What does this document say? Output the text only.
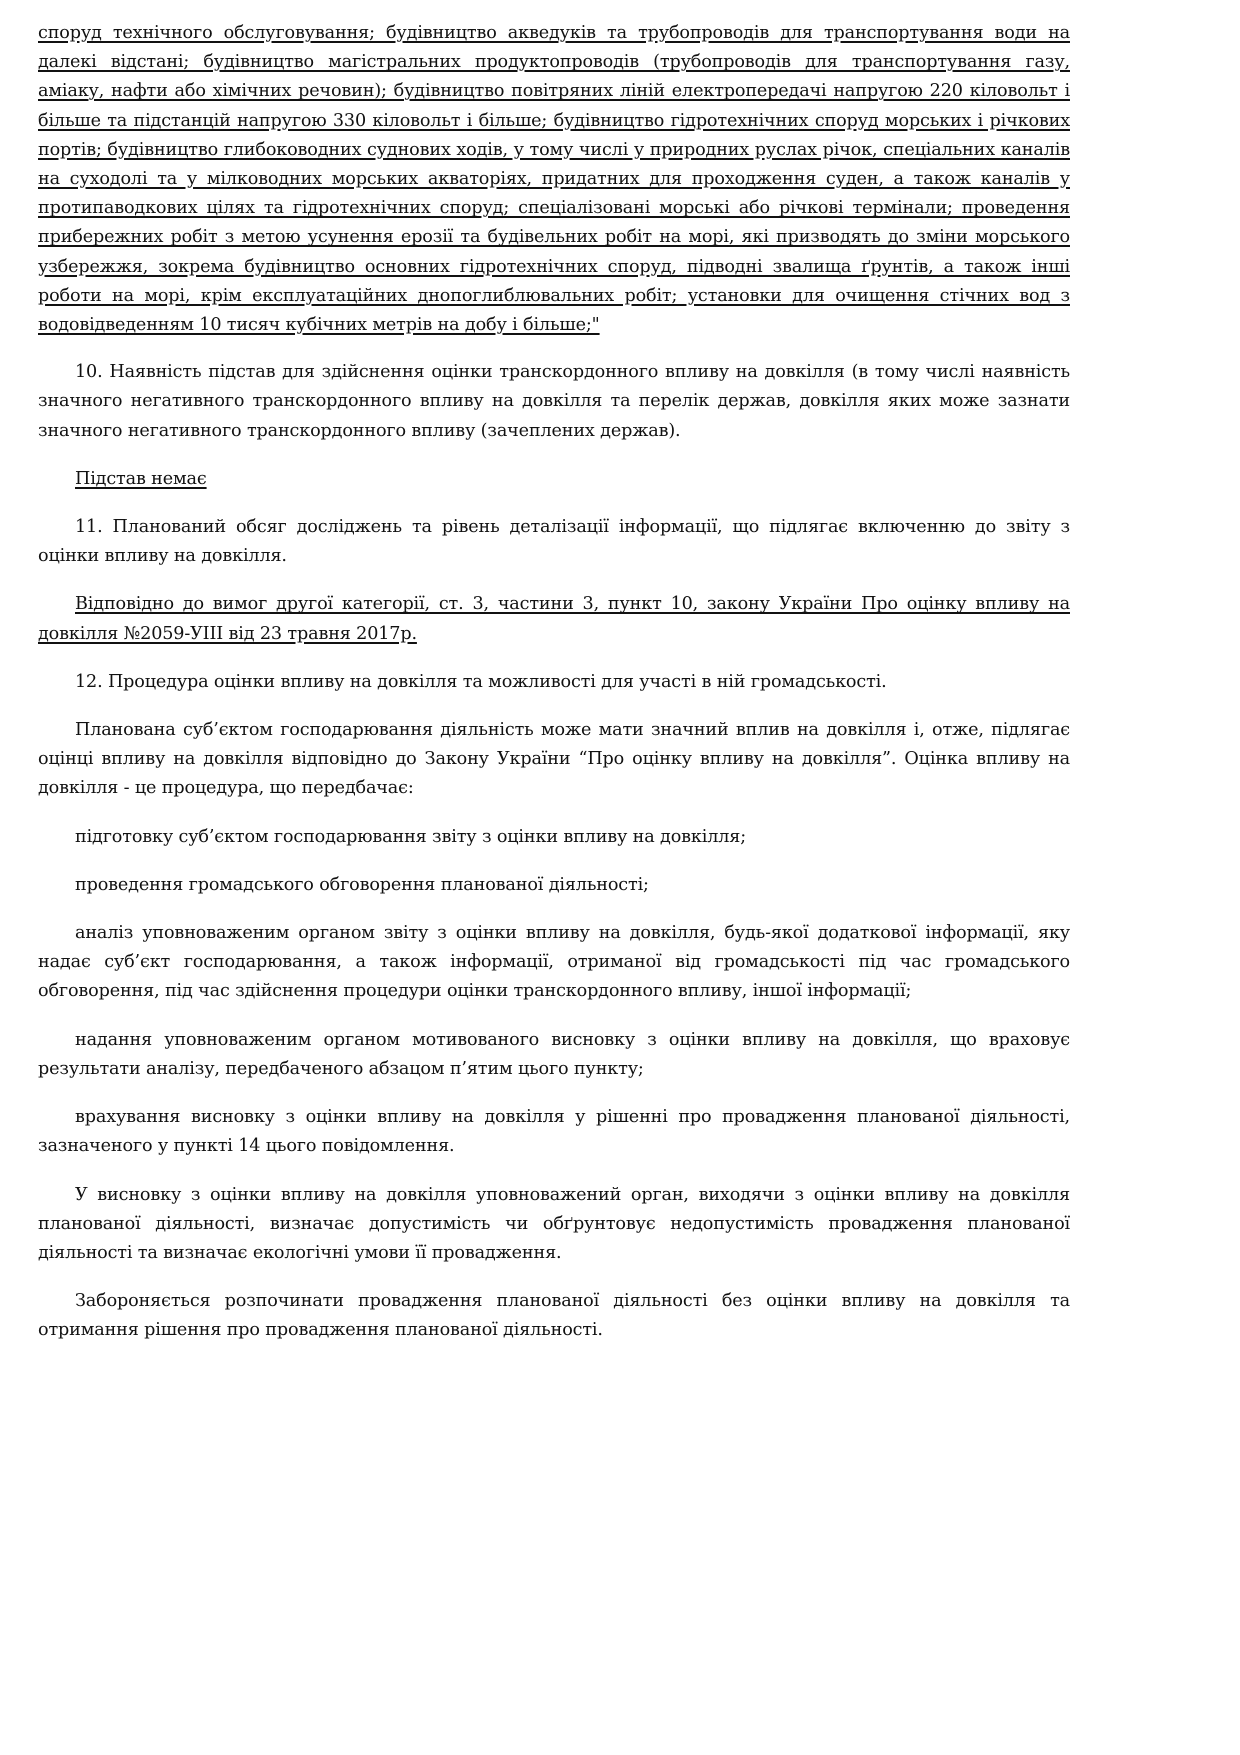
споруд технічного обслуговування; будівництво акведуків та трубопроводів для транспортування води на далекі відстані; будівництво магістральних продуктопроводів (трубопроводів для транспортування газу, аміаку, нафти або хімічних речовин); будівництво повітряних ліній електропередачі напругою 220 кіловольт і більше та підстанцій напругою 330 кіловольт і більше; будівництво гідротехнічних споруд морських і річкових портів; будівництво глибоководних суднових ходів, у тому числі у природних руслах річок, спеціальних каналів на суходолі та у мілководних морських акваторіях, придатних для проходження суден, а також каналів у протипаводкових цілях та гідротехнічних споруд; спеціалізовані морські або річкові термінали; проведення прибережних робіт з метою усунення ерозії та будівельних робіт на морі, які призводять до зміни морського узбережжя, зокрема будівництво основних гідротехнічних споруд, підводні звалища ґрунтів, а також інші роботи на морі, крім експлуатаційних днопоглиблювальних робіт; установки для очищення стічних вод з водовідведенням 10 тисяч кубічних метрів на добу і більше;"

10. Наявність підстав для здійснення оцінки транскордонного впливу на довкілля (в тому числі наявність значного негативного транскордонного впливу на довкілля та перелік держав, довкілля яких може зазнати значного негативного транскордонного впливу (зачеплених держав).

Підстав немає

11. Планований обсяг досліджень та рівень деталізації інформації, що підлягає включенню до звіту з оцінки впливу на довкілля.

Відповідно до вимог другої категорії, ст. 3, частини 3, пункт 10, закону України Про оцінку впливу на довкілля №2059-УІІІ від 23 травня 2017р.

12. Процедура оцінки впливу на довкілля та можливості для участі в ній громадськості.

Планована суб’єктом господарювання діяльність може мати значний вплив на довкілля і, отже, підлягає оцінці впливу на довкілля відповідно до Закону України “Про оцінку впливу на довкілля”. Оцінка впливу на довкілля - це процедура, що передбачає:

підготовку суб’єктом господарювання звіту з оцінки впливу на довкілля;

проведення громадського обговорення планованої діяльності;

аналіз уповноваженим органом звіту з оцінки впливу на довкілля, будь-якої додаткової інформації, яку надає суб’єкт господарювання, а також інформації, отриманої від громадськості під час громадського обговорення, під час здійснення процедури оцінки транскордонного впливу, іншої інформації;

надання уповноваженим органом мотивованого висновку з оцінки впливу на довкілля, що враховує результати аналізу, передбаченого абзацом п’ятим цього пункту;

врахування висновку з оцінки впливу на довкілля у рішенні про провадження планованої діяльності, зазначеного у пункті 14 цього повідомлення.

У висновку з оцінки впливу на довкілля уповноважений орган, виходячи з оцінки впливу на довкілля планованої діяльності, визначає допустимість чи обґрунтовує недопустимість провадження планованої діяльності та визначає екологічні умови її провадження.

Забороняється розпочинати провадження планованої діяльності без оцінки впливу на довкілля та отримання рішення про провадження планованої діяльності.
